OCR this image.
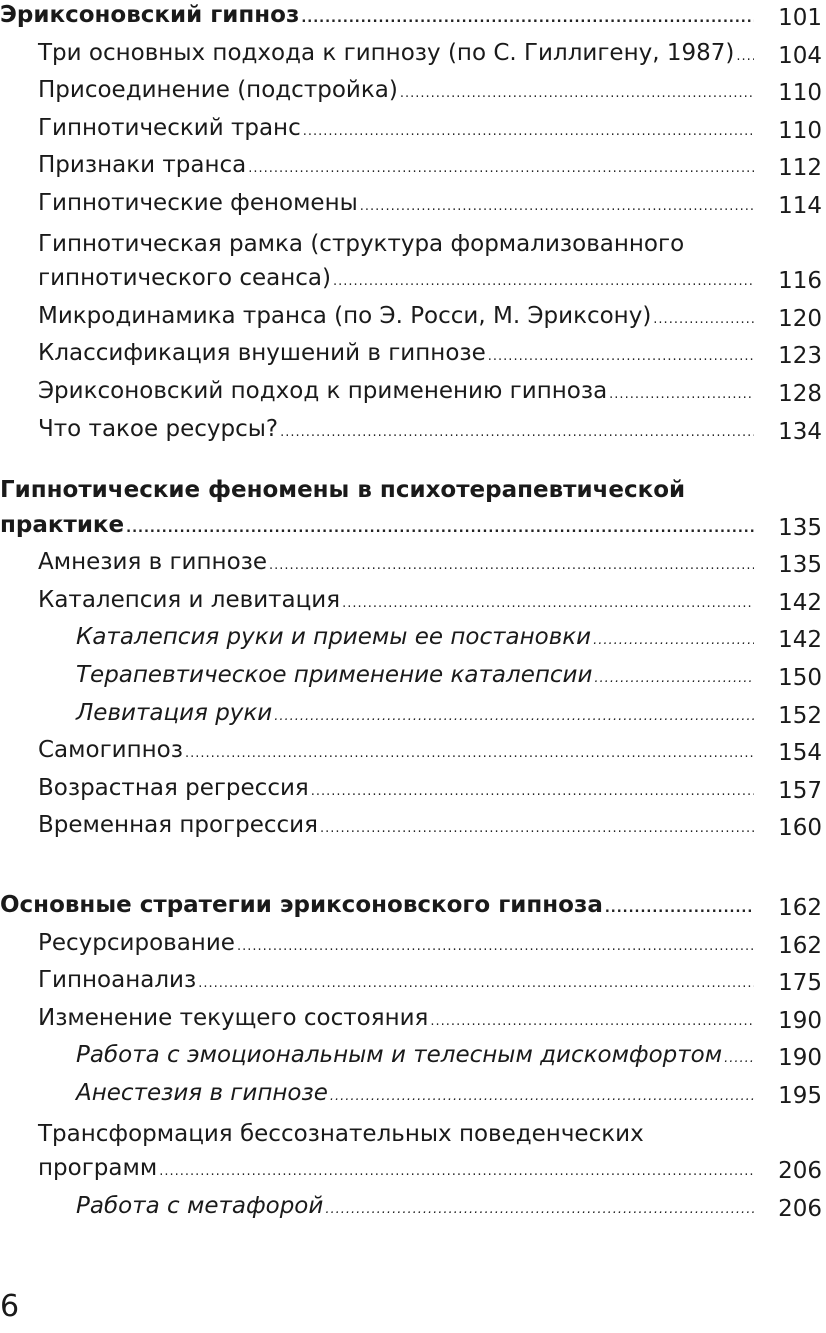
Эриксоновский гипноз .....	101
Три основных подхода к гипнозу (по С. Гиллигену, 1987) .....	104
Присоединение (подстройка) .....	110
Гипнотический транс .....	110
Признаки транса .....	112
Гипнотические феномены .....	114
Гипнотическая рамка (структура формализованного
гипнотического сеанса) .....	116
Микродинамика транса (по Э. Росси, М. Эриксону) .....	120
Классификация внушений в гипнозе .....	123
Эриксоновский подход к применению гипноза .....	128
Что такое ресурсы? .....	134
Гипнотические феномены в психотерапевтической
практике .....	135
Амнезия в гипнозе .....	135
Каталепсия и левитация .....	142
Каталепсия руки и приемы ее постановки .....	142
Терапевтическое применение каталепсии .....	150
Левитация руки .....	152
Самогипноз .....	154
Возрастная регрессия .....	157
Временная прогрессия .....	160
Основные стратегии эриксоновского гипноза .....	162
Ресурсирование .....	162
Гипноанализ .....	175
Изменение текущего состояния .....	190
Работа с эмоциональным и телесным дискомфортом .....	190
Анестезия в гипнозе .....	195
Трансформация бессознательных поведенческих
программ .....	206
Работа с метафорой .....	206
6
